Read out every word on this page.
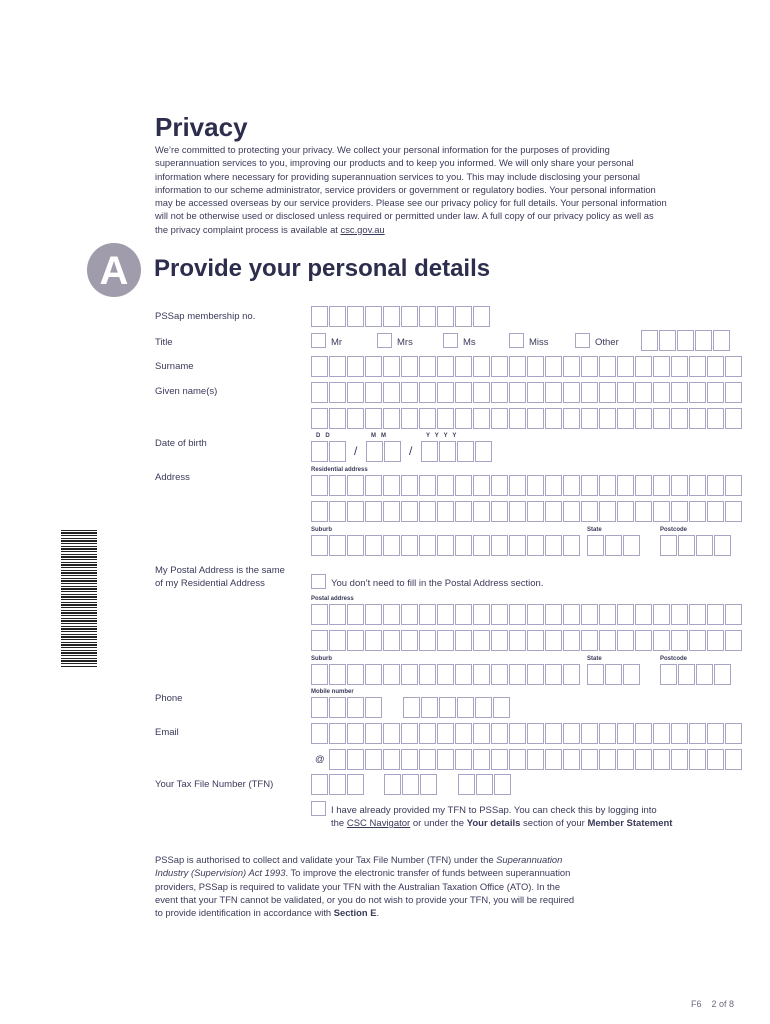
Privacy
We’re committed to protecting your privacy. We collect your personal information for the purposes of providing
superannuation services to you, improving our products and to keep you informed. We will only share your personal
information where necessary for providing superannuation services to you. This may include disclosing your personal
information to our scheme administrator, service providers or government or regulatory bodies. Your personal information
may be accessed overseas by our service providers. Please see our privacy policy for full details. Your personal information
will not be otherwise used or disclosed unless required or permitted under law. A full copy of our privacy policy as well as
the privacy complaint process is available at csc.gov.au
A	Provide your personal details
PSSap membership no.
Title	Mr	Mrs	Ms	Miss	Other
Surname
Given name(s)
Date of birth
D   D	M   M	Y   Y   Y   Y
/	/
Address
Residential address
Suburb	State	Postcode
My Postal Address is the same
of my Residential Address	You don’t need to fill in the Postal Address section.
Postal address
Suburb	State	Postcode
Phone
Mobile number
Email
@
Your Tax File Number (TFN)
I have already provided my TFN to PSSap. You can check this by logging into
the CSC Navigator or under the Your details section of your Member Statement
PSSap is authorised to collect and validate your Tax File Number (TFN) under the Superannuation
Industry (Supervision) Act 1993. To improve the electronic transfer of funds between superannuation
providers, PSSap is required to validate your TFN with the Australian Taxation Office (ATO). In the
event that your TFN cannot be validated, or you do not wish to provide your TFN, you will be required
to provide identification in accordance with Section E.
F6    2 of 8
